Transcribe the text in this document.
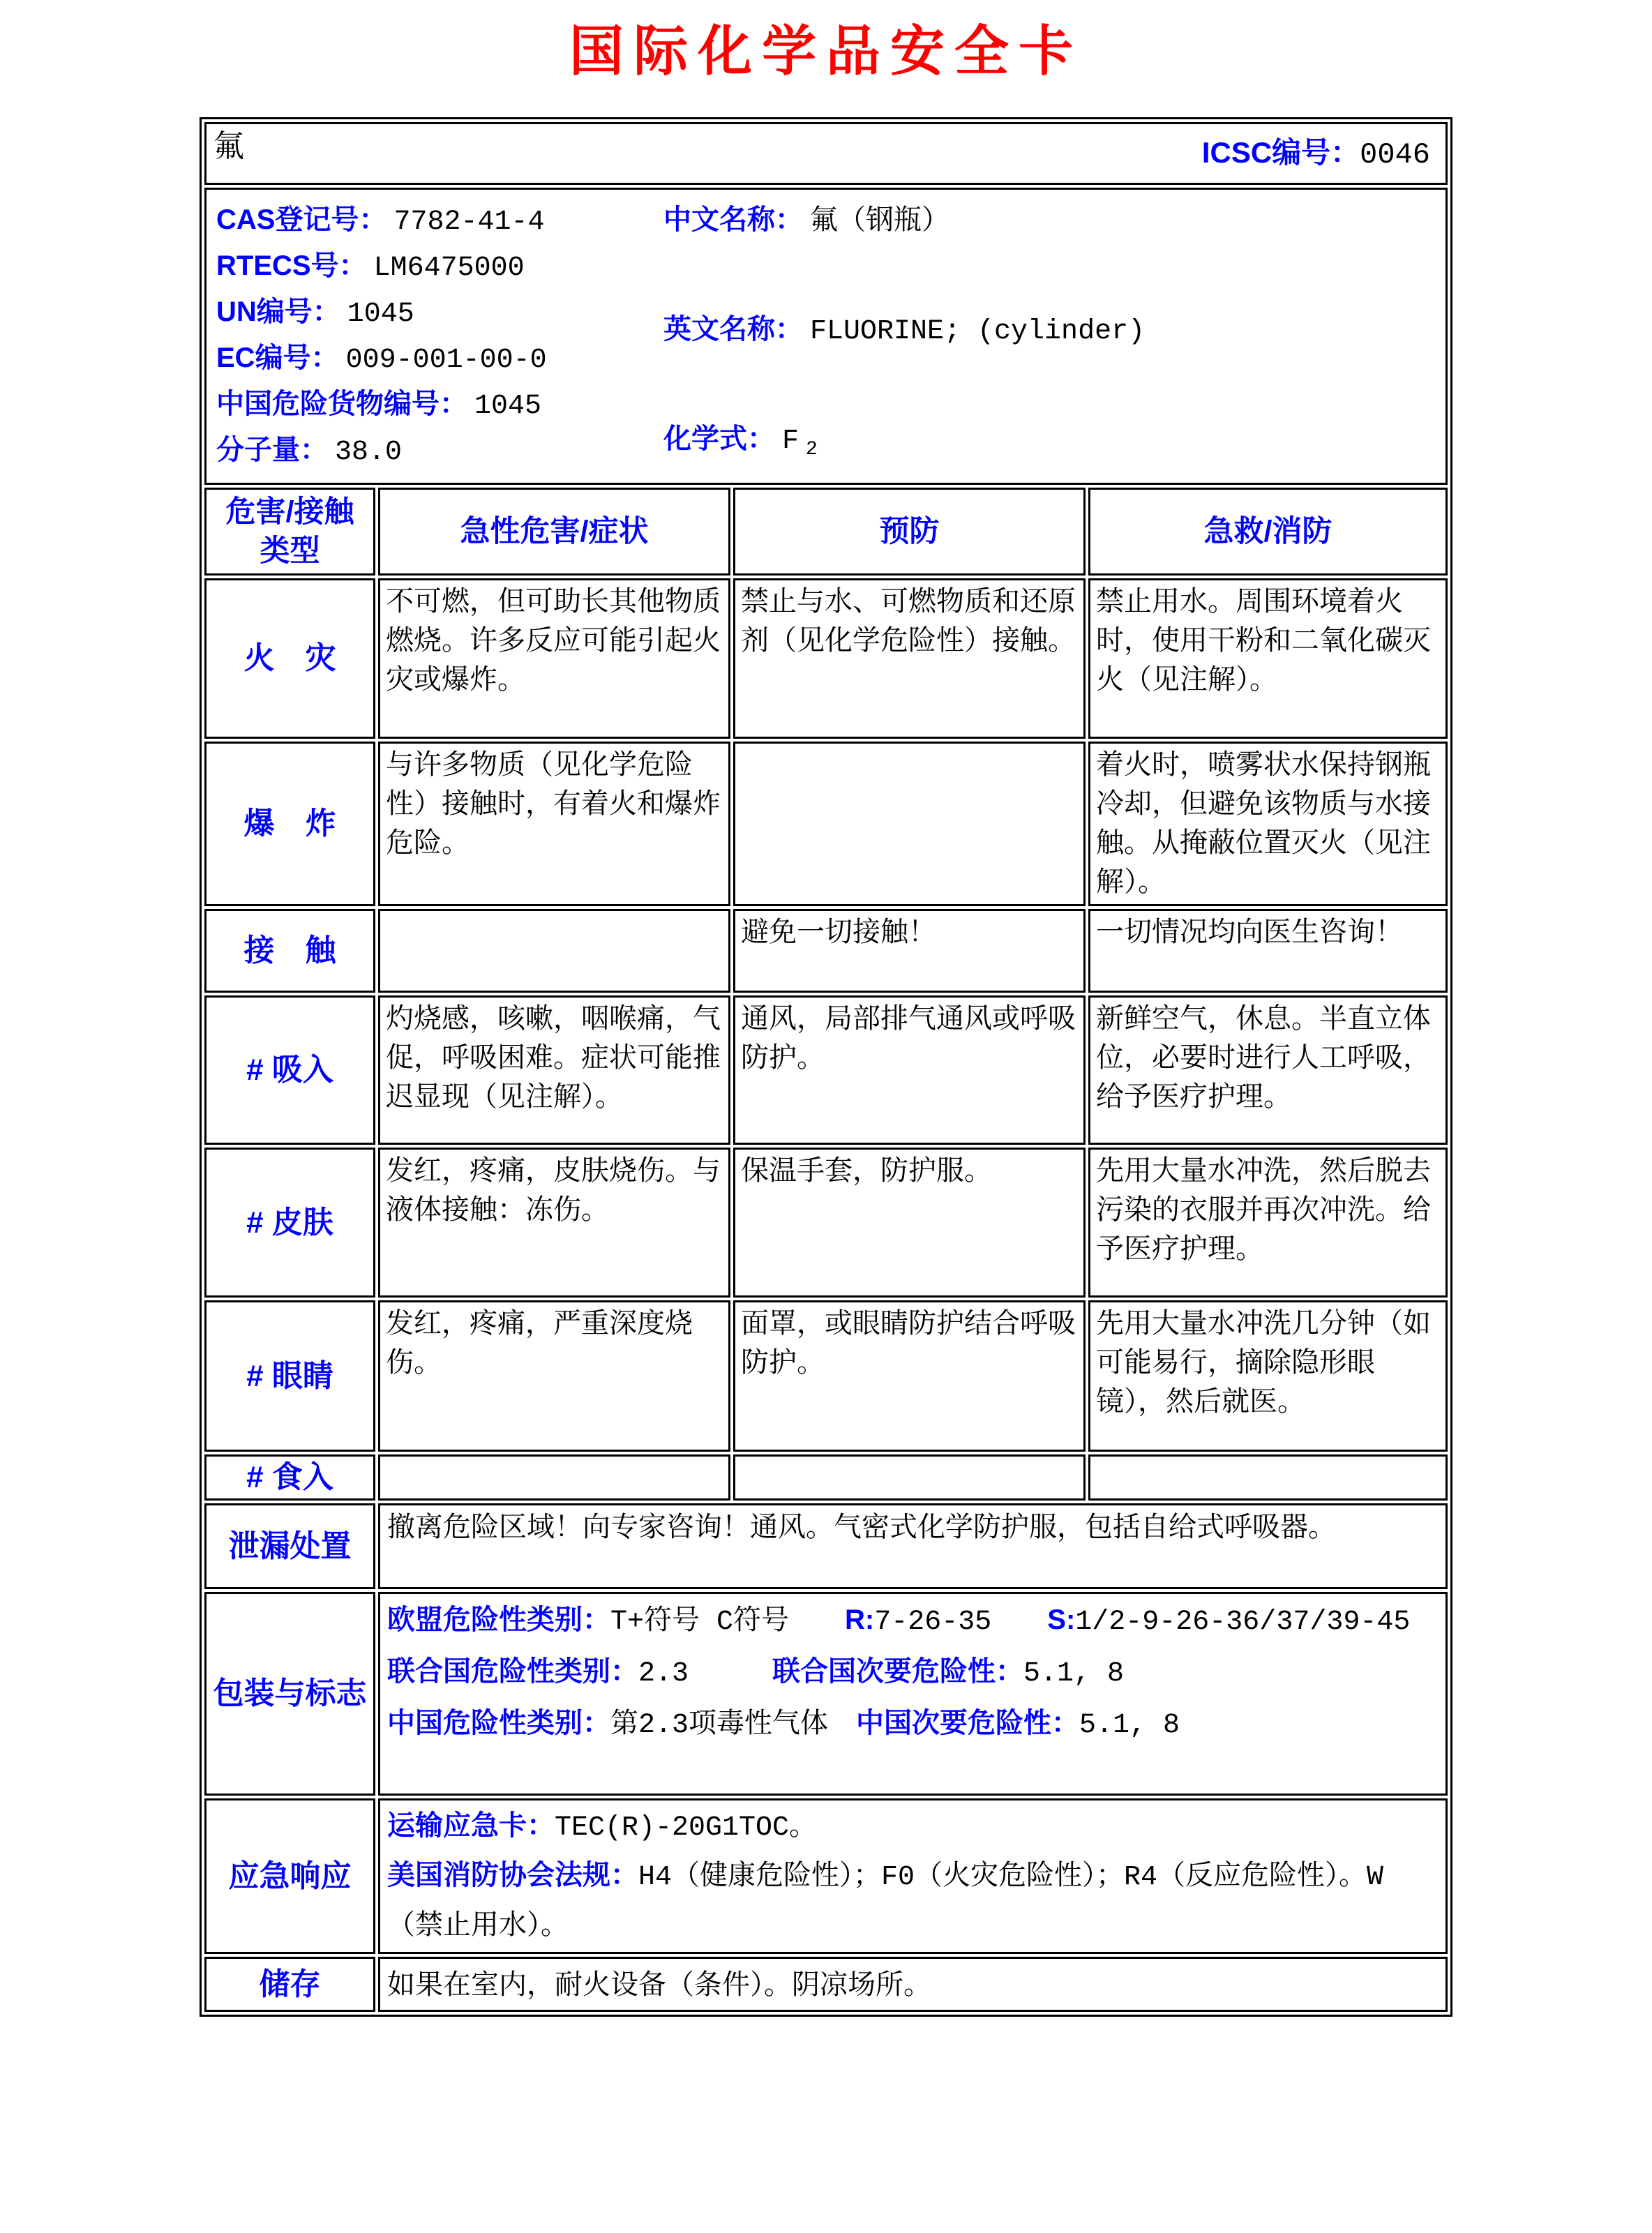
国际化学品安全卡
氟 ICSC编号：0046			

CAS登记号： 7782-41-4
RTECS号： LM6475000
UN编号： 1045
EC编号： 009-001-00-0
中国危险货物编号： 1045
分子量： 38.0
中文名称： 氟（钢瓶）
英文名称： FLUORINE; (cylinder)
化学式： F $_2$

危害/接触类型	急性危害/症状	预防	急救/消防
火　灾	不可燃，但可助长其他物质燃烧。许多反应可能引起火灾或爆炸。	禁止与水、可燃物质和还原剂（见化学危险性）接触。	禁止用水。周围环境着火时，使用干粉和二氧化碳灭火（见注解）。
爆　炸	与许多物质（见化学危险性）接触时，有着火和爆炸危险。		着火时，喷雾状水保持钢瓶冷却，但避免该物质与水接触。从掩蔽位置灭火（见注解）。
接　触		避免一切接触！	一切情况均向医生咨询！
# 吸入	灼烧感，咳嗽，咽喉痛，气促，呼吸困难。症状可能推迟显现（见注解）。	通风，局部排气通风或呼吸防护。	新鲜空气，休息。半直立体位，必要时进行人工呼吸，给予医疗护理。
# 皮肤	发红，疼痛，皮肤烧伤。与液体接触：冻伤。	保温手套，防护服。	先用大量水冲洗，然后脱去污染的衣服并再次冲洗。给予医疗护理。
# 眼睛	发红，疼痛，严重深度烧伤。	面罩，或眼睛防护结合呼吸防护。	先用大量水冲洗几分钟（如可能易行，摘除隐形眼镜），然后就医。
# 食入			
泄漏处置	撤离危险区域！向专家咨询！通风。气密式化学防护服，包括自给式呼吸器。		

包装与标志	欧盟危险性类别：T+符号 C符号　　R:7-26-35　　S:1/2-9-26-36/37/39-45
联合国危险性类别：2.3　　　联合国次要危险性：5.1, 8
中国危险性类别：第2.3项毒性气体　中国次要危险性：5.1, 8		

应急响应	运输应急卡：TEC(R)-20G1TOC。
美国消防协会法规：H4（健康危险性）；F0（火灾危险性）；R4（反应危险性）。W（禁止用水）。		

储存	如果在室内，耐火设备（条件）。阴凉场所。		
